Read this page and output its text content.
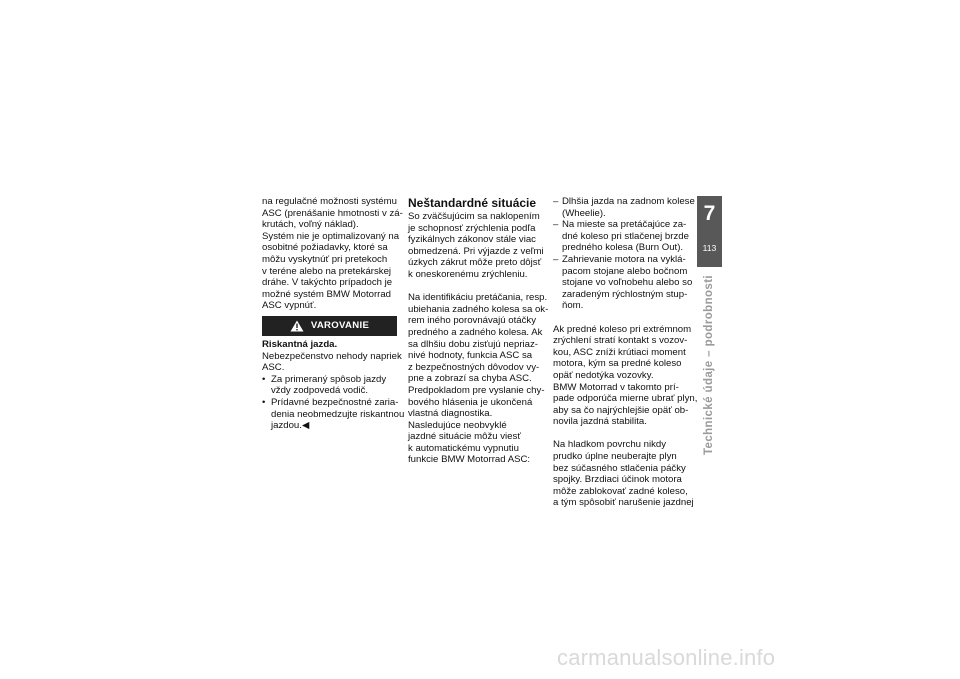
na regulačné možnosti systému
ASC (prenášanie hmotnosti v zá-
krutách, voľný náklad).
Systém nie je optimalizovaný na
osobitné požiadavky, ktoré sa
môžu vyskytnúť pri pretekoch
v teréne alebo na pretekárskej
dráhe. V takýchto prípadoch je
možné systém BMW Motorrad
ASC vypnúť.
VAROVANIE
Riskantná jazda.
Nebezpečenstvo nehody napriek
ASC.
• Za primeraný spôsob jazdy
vždy zodpovedá vodič.
• Prídavné bezpečnostné zaria-
denia neobmedzujte riskantnou
jazdou.◀
Neštandardné situácie
So zväčšujúcim sa naklopením
je schopnosť zrýchlenia podľa
fyzikálnych zákonov stále viac
obmedzená. Pri výjazde z veľmi
úzkych zákrut môže preto dôjsť
k oneskorenému zrýchleniu.
Na identifikáciu pretáčania, resp.
ubiehania zadného kolesa sa ok-
rem iného porovnávajú otáčky
predného a zadného kolesa. Ak
sa dlhšiu dobu zisťujú nepriaz-
nivé hodnoty, funkcia ASC sa
z bezpečnostných dôvodov vy-
pne a zobrazí sa chyba ASC.
Predpokladom pre vyslanie chy-
bového hlásenia je ukončená
vlastná diagnostika.
Nasledujúce neobvyklé
jazdné situácie môžu viesť
k automatickému vypnutiu
funkcie BMW Motorrad ASC:
– Dlhšia jazda na zadnom kolese
(Wheelie).
– Na mieste sa pretáčajúce za-
dné koleso pri stlačenej brzde
predného kolesa (Burn Out).
– Zahrievanie motora na vyklá-
pacom stojane alebo bočnom
stojane vo voľnobehu alebo so
zaradeným rýchlostným stup-
ňom.
Ak predné koleso pri extrémnom
zrýchlení stratí kontakt s vozov-
kou, ASC zníži krútiaci moment
motora, kým sa predné koleso
opäť nedotýka vozovky.
BMW Motorrad v takomto prí-
pade odporúča mierne ubrať plyn,
aby sa čo najrýchlejšie opäť ob-
novila jazdná stabilita.
Na hladkom povrchu nikdy
prudko úplne neuberajte plyn
bez súčasného stlačenia páčky
spojky. Brzdiaci účinok motora
môže zablokovať zadné koleso,
a tým spôsobiť narušenie jazdnej
7
113
Technické údaje – podrobnosti
carmanualsonline.info
